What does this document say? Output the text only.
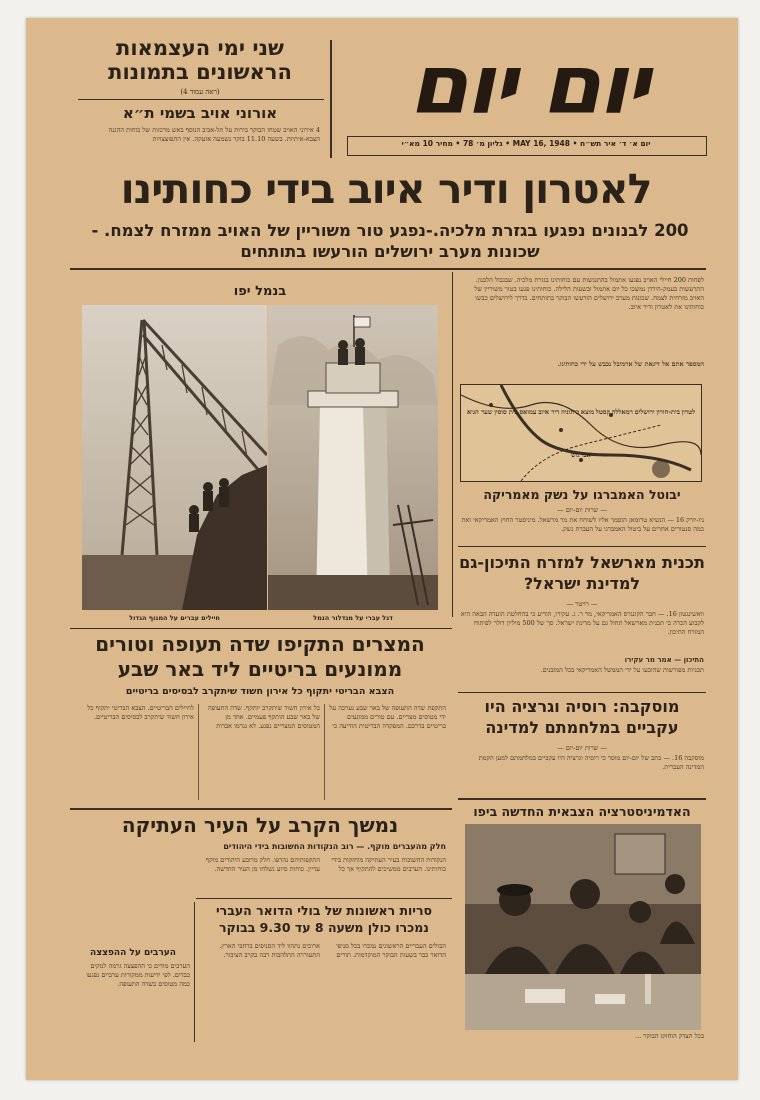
יום יום
יום א׳ ד׳ איר תש״ח • MAY 16, 1948 • גליון מ׳ 78 • מחיר 10 מא״י
שני ימי העצמאות הראשונים בתמונות
(ראה עמוד 4)
אורוני אויב בשמי ת״א
4 אירוני האויב שטחו הבוקר בירות על תל-אביב הנוסף באש מרכזות של כוחות ההגנה הצבא-איתיות. בשעה 11.10 בוקר נשמעה אזעקה. אין התפוצצויות
לאטרון ודיר איוב בידי כחותינו
200 לבנונים נפגעו בגזרת מלכיה.-נפגע טור משוריין של האויב ממזרח לצמח. - שכונות מערב ירושלים הורעשו בתותחים
בנמל יפו
חיילים עברים על המנוף הגדול	דגל עברי על מגדלור הנמל
לפחות 200 חיילי האויב נפגעו אתמול בהתנגשות עם כוחותינו בגזרת מלכיה. שבגבול הלבנון. התרעשות בעמק-הירדן נמשכו כל יום אתמול ובשעות הלילה. כוחותינו פגעו בטור משוריין של האויב מזרחית לצמח. שכונות מערב ירושלים הורעשו הבוקר בתותחים. בדרך לירושלים כבשו כוחותינו את לאטרון ודיר איוב.
המספר אתם אל דיגאת של ארמיבל נכבש על ידי כחותינו.
לטרון
בית-חורון
ירושלים
רמאללה
קסטל
מוצא
ביתוניה
דיר איוב
עמואס
בית סוסין
שער הגיא
אבו גוש
יבוטל האמברגו על נשק מאמריקה
— שרות יום-יום —
ניו-יורק 16 — הנשיא טרומאן הוסמך אליו לשוחח את מר מרשאל. מיניסטר החוץ האמריקאי ואת כמה סנטורים אחרים על ביטול האמברגו על העברת נשק.
תכנית מארשאל למזרח התיכון-גם למדינת ישראל?
— רויטר —
וואשינגטון 16. — חבר הקונגרס האמריקאי, מר ר. ג. עקירו, הודיע כי בהחלטת הועדה הבאה היא לקבוע הכרה כי תכנית מארשאל תחול גם על מדינת ישראל. סך של 500 מיליון דולר לפיתוח המזרח התיכון.
התיכון — אמר מר עקירו
תכניות מפורשות שהובעו על ידי הממשל האמריקאי בכל המובנים.
מוסקבה: רוסיה וגרציה היו עקביים במלחמתם למדינה
— שרות יום-יום —
מוסקבה 16. — כתב של יום-יום מוסר כי רוסיה וגרציה היו עקביים במלחמתם למען הקמת המדינה העברית.
המצרים התקיפו שדה תעופה וטורים ממונעים בריטיים ליד באר שבע
הצבא הבריטי יתקוף כל אירון חשוד שיתקרב לבסיסים בריטיים
התקפת שדה התעופה של באר שבע נערכה על ידי מטוסים מצריים. עם טורים ממונעים בריטיים בדרכם. המפקדה הבריטית הודיעה כי כל אירון חשוד שיתקרב יותקף. שדה התעופה של באר שבע הותקף פעמיים. אחד מן המטוסים המצריים נפגע. לא נגרמו אבדות לחיילים הבריטיים. הצבא הבריטי יתקוף כל אירון חשוד שיתקרב לבסיסים הבריטיים.
נמשך הקרב על העיר העתיקה
חלק מהעברים מוקף. — רוב הנקודות החשובות בידי היהודים
הנקודות החשובות בעיר העתיקה מוחזקות בידי כוחותינו. הערבים ממשיכים להתקיף אך כל התקפותיהם נהדפו. חלק מרובע היהודים מוקף עדיין. כוחות סיוע נשלחו מן העיר החדשה.
סריות ראשונות של בולי הדואר העברי נמכרו כולן משעה 8 עד 9.30 בבוקר
הבולים העבריים הראשונים נמכרו בכל סניפי הדואר כבר בשעות הבוקר המוקדמות. תורים ארוכים נתהוו ליד הסניפים ברחבי הארץ. התעוררה התלהבות רבה בקרב הציבור.
הערבים על ההפצצה
הערבים מודים כי ההפצצה גרמה לנזקים כבדים. לפי ידיעות ממקורות ערביים נפגעו כמה מטוסים בשדה התעופה.
בכל הצדק הוחזקו הבוקר ...
האדמיניסטרציה הצבאית החדשה ביפו
